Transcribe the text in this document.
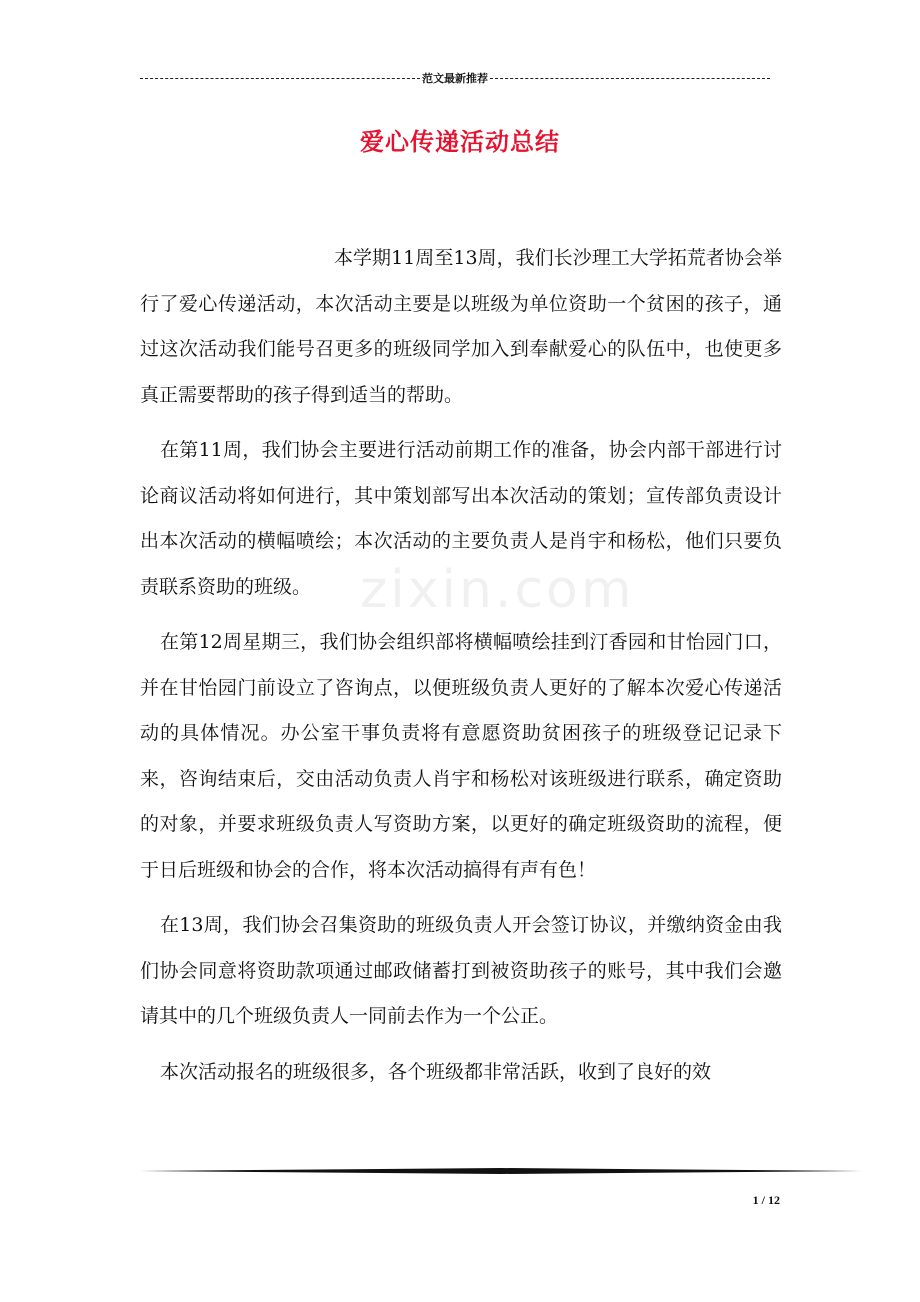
范文最新推荐
爱心传递活动总结
zixin.com

本学期11周至13周，我们长沙理工大学拓荒者协会举行了爱心传递活动，本次活动主要是以班级为单位资助一个贫困的孩子，通过这次活动我们能号召更多的班级同学加入到奉献爱心的队伍中，也使更多真正需要帮助的孩子得到适当的帮助。

在第11周，我们协会主要进行活动前期工作的准备，协会内部干部进行讨论商议活动将如何进行，其中策划部写出本次活动的策划；宣传部负责设计出本次活动的横幅喷绘；本次活动的主要负责人是肖宇和杨松，他们只要负责联系资助的班级。

在第12周星期三，我们协会组织部将横幅喷绘挂到汀香园和甘怡园门口，并在甘怡园门前设立了咨询点，以便班级负责人更好的了解本次爱心传递活动的具体情况。办公室干事负责将有意愿资助贫困孩子的班级登记记录下来，咨询结束后，交由活动负责人肖宇和杨松对该班级进行联系，确定资助的对象，并要求班级负责人写资助方案，以更好的确定班级资助的流程，便于日后班级和协会的合作，将本次活动搞得有声有色！

在13周，我们协会召集资助的班级负责人开会签订协议，并缴纳资金由我们协会同意将资助款项通过邮政储蓄打到被资助孩子的账号，其中我们会邀请其中的几个班级负责人一同前去作为一个公正。

本次活动报名的班级很多，各个班级都非常活跃，收到了良好的效

1 / 12
